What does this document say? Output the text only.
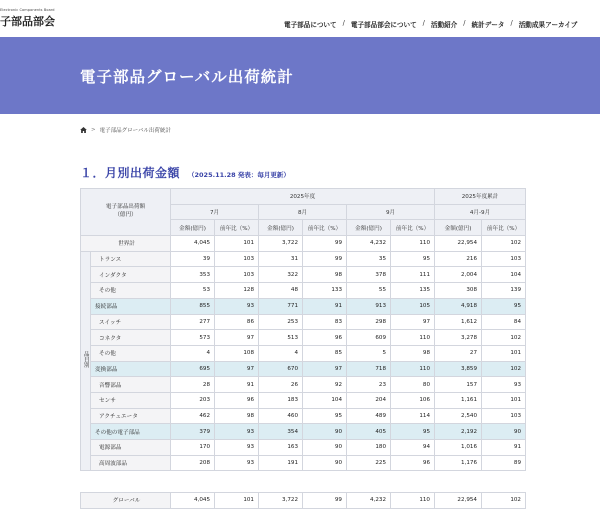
Electronic Components Board
子部品部会	電子部品について / 電子部品部会について / 活動紹介 / 統計データ / 活動成果アーカイブ
電子部品グローバル出荷統計
> 電子部品グローバル出荷統計
１．月別出荷金額 （2025.11.28 発表：毎月更新）
電子部品出荷額
（億円）		2025年度						2025年度累計	
		7月		8月		9月		4月-9月	
		金額(億円)	前年比（%）	金額(億円)	前年比（%）	金額(億円)	前年比（%）	金額(億円)	前年比（%）
世界計		4,045	101	3,722	99	4,232	110	22,954	102
品目別	トランス	39	103	31	99	35	95	216	103
	インダクタ	353	103	322	98	378	111	2,004	104
	その他	53	128	48	133	55	135	308	139
	接続部品	855	93	771	91	913	105	4,918	95
	スイッチ	277	86	253	83	298	97	1,612	84
	コネクタ	573	97	513	96	609	110	3,278	102
	その他	4	108	4	85	5	98	27	101
	変換部品	695	97	670	97	718	110	3,859	102
	音響部品	28	91	26	92	23	80	157	93
	センサ	203	96	183	104	204	106	1,161	101
	アクチュエータ	462	98	460	95	489	114	2,540	103
	その他の電子部品	379	93	354	90	405	95	2,192	90
	電源部品	170	93	163	90	180	94	1,016	91
	高周波部品	208	93	191	90	225	96	1,176	89
グローバル	4,045	101	3,722	99	4,232	110	22,954	102
